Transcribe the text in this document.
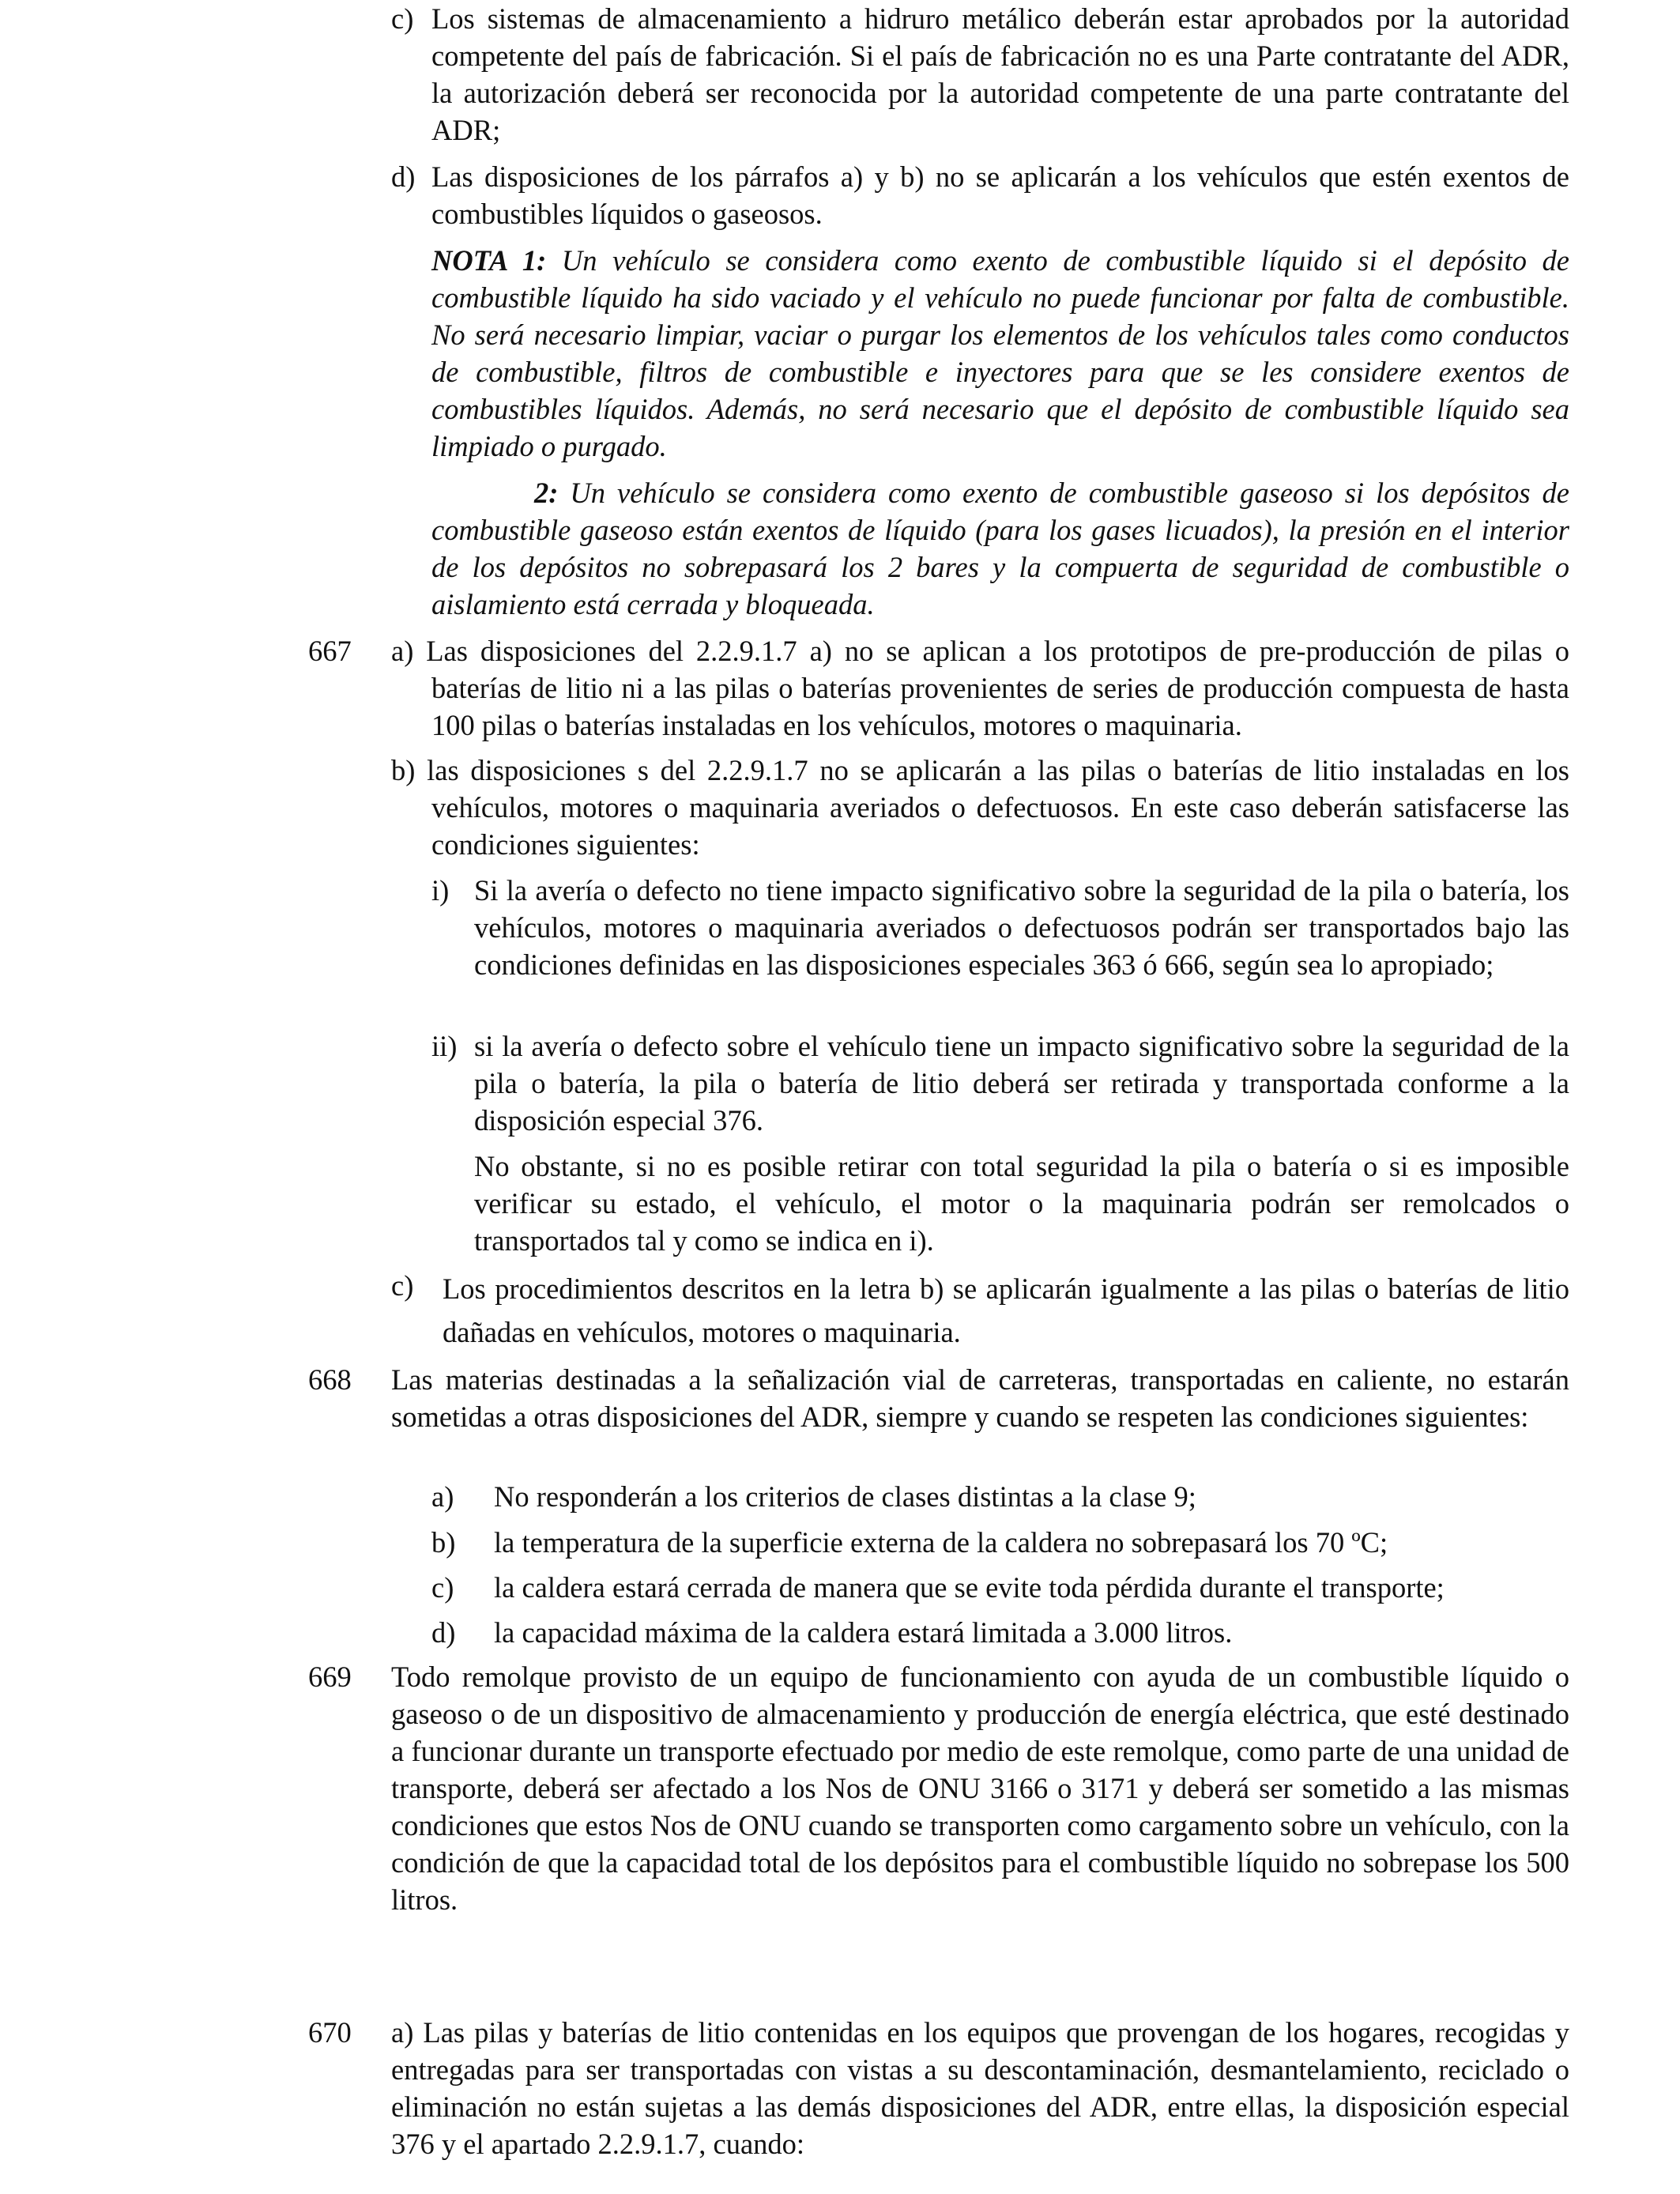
c) Los sistemas de almacenamiento a hidruro metálico deberán estar aprobados por la autoridad competente del país de fabricación. Si el país de fabricación no es una Parte contratante del ADR, la autorización deberá ser reconocida por la autoridad competente de una parte contratante del ADR;

d) Las disposiciones de los párrafos a) y b) no se aplicarán a los vehículos que estén exentos de combustibles líquidos o gaseosos.

NOTA 1: Un vehículo se considera como exento de combustible líquido si el depósito de combustible líquido ha sido vaciado y el vehículo no puede funcionar por falta de combustible. No será necesario limpiar, vaciar o purgar los elementos de los vehículos tales como conductos de combustible, filtros de combustible e inyectores para que se les considere exentos de combustibles líquidos. Además, no será necesario que el depósito de combustible líquido sea limpiado o purgado.

2: Un vehículo se considera como exento de combustible gaseoso si los depósitos de combustible gaseoso están exentos de líquido (para los gases licuados), la presión en el interior de los depósitos no sobrepasará los 2 bares y la compuerta de seguridad de combustible o aislamiento está cerrada y bloqueada.

667 a) Las disposiciones del 2.2.9.1.7 a) no se aplican a los prototipos de pre-producción de pilas o baterías de litio ni a las pilas o baterías provenientes de series de producción compuesta de hasta 100 pilas o baterías instaladas en los vehículos, motores o maquinaria.

b) las disposiciones s del 2.2.9.1.7 no se aplicarán a las pilas o baterías de litio instaladas en los vehículos, motores o maquinaria averiados o defectuosos. En este caso deberán satisfacerse las condiciones siguientes:

i) Si la avería o defecto no tiene impacto significativo sobre la seguridad de la pila o batería, los vehículos, motores o maquinaria averiados o defectuosos podrán ser transportados bajo las condiciones definidas en las disposiciones especiales 363 ó 666, según sea lo apropiado;

ii) si la avería o defecto sobre el vehículo tiene un impacto significativo sobre la seguridad de la pila o batería, la pila o batería de litio deberá ser retirada y transportada conforme a la disposición especial 376.

No obstante, si no es posible retirar con total seguridad la pila o batería o si es imposible verificar su estado, el vehículo, el motor o la maquinaria podrán ser remolcados o transportados tal y como se indica en i).

c) Los procedimientos descritos en la letra b) se aplicarán igualmente a las pilas o baterías de litio dañadas en vehículos, motores o maquinaria.

668 Las materias destinadas a la señalización vial de carreteras, transportadas en caliente, no estarán sometidas a otras disposiciones del ADR, siempre y cuando se respeten las condiciones siguientes:

a) No responderán a los criterios de clases distintas a la clase 9;
b) la temperatura de la superficie externa de la caldera no sobrepasará los 70 ºC;
c) la caldera estará cerrada de manera que se evite toda pérdida durante el transporte;
d) la capacidad máxima de la caldera estará limitada a 3.000 litros.
669 Todo remolque provisto de un equipo de funcionamiento con ayuda de un combustible líquido o gaseoso o de un dispositivo de almacenamiento y producción de energía eléctrica, que esté destinado a funcionar durante un transporte efectuado por medio de este remolque, como parte de una unidad de transporte, deberá ser afectado a los Nos de ONU 3166 o 3171 y deberá ser sometido a las mismas condiciones que estos Nos de ONU cuando se transporten como cargamento sobre un vehículo, con la condición de que la capacidad total de los depósitos para el combustible líquido no sobrepase los 500 litros.

670 a) Las pilas y baterías de litio contenidas en los equipos que provengan de los hogares, recogidas y entregadas para ser transportadas con vistas a su descontaminación, desmantelamiento, reciclado o eliminación no están sujetas a las demás disposiciones del ADR, entre ellas, la disposición especial 376 y el apartado 2.2.9.1.7, cuando:
